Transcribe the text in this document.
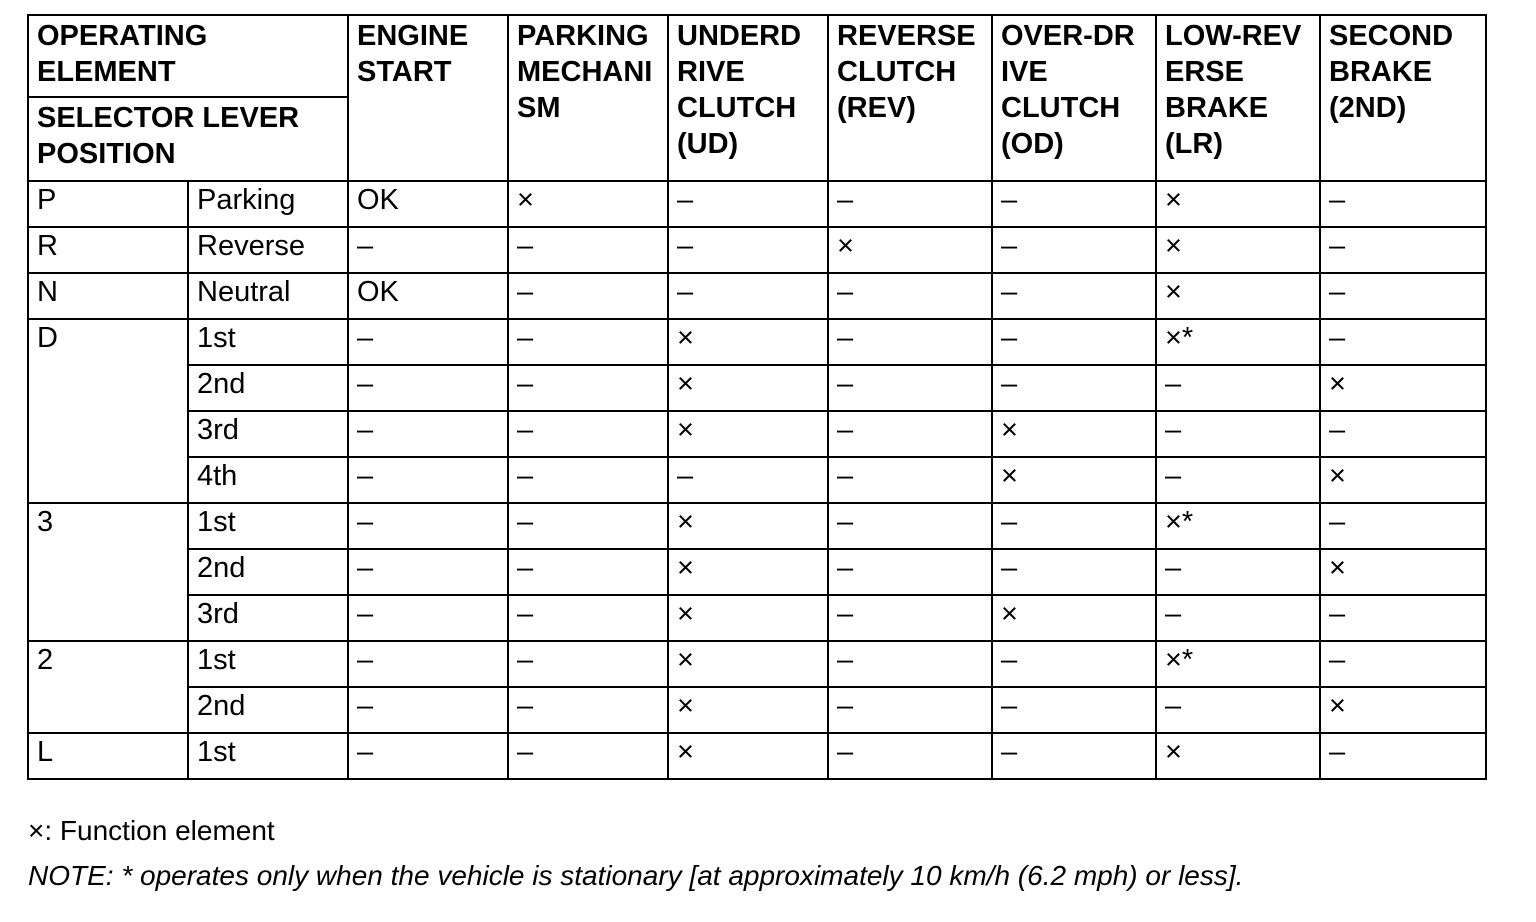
OPERATING ELEMENT		ENGINE START	PARKING MECHANI SM	UNDERD RIVE CLUTCH (UD)	REVERSE CLUTCH (REV)	OVER-DR IVE CLUTCH (OD)	LOW-REV ERSE BRAKE (LR)	SECOND BRAKE (2ND)
SELECTOR LEVER POSITION								
P	Parking	OK	×	–	–	–	×	–
R	Reverse	–	–	–	×	–	×	–
N	Neutral	OK	–	–	–	–	×	–
D	1st	–	–	×	–	–	×*	–
	2nd	–	–	×	–	–	–	×
	3rd	–	–	×	–	×	–	–
	4th	–	–	–	–	×	–	×
3	1st	–	–	×	–	–	×*	–
	2nd	–	–	×	–	–	–	×
	3rd	–	–	×	–	×	–	–
2	1st	–	–	×	–	–	×*	–
	2nd	–	–	×	–	–	–	×
L	1st	–	–	×	–	–	×	–
×: Function element
NOTE: * operates only when the vehicle is stationary [at approximately 10 km/h (6.2 mph) or less].
